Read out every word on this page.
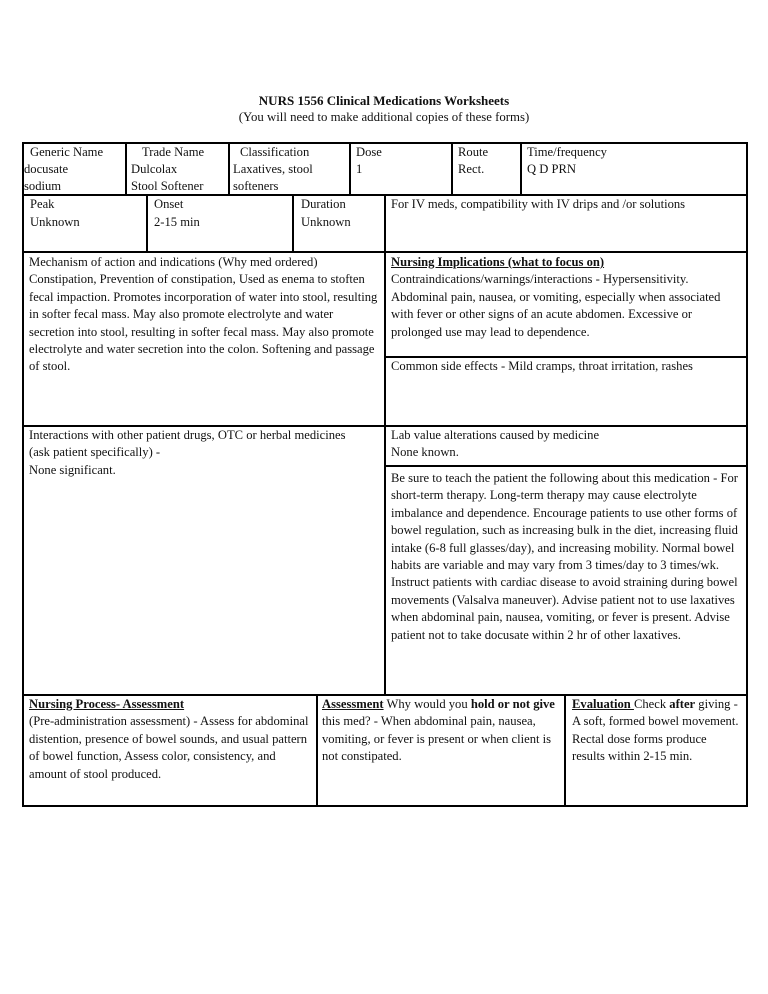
NURS 1556 Clinical Medications Worksheets
(You will need to make additional copies of these forms)
Generic Name
docusate
sodium
Trade Name
Dulcolax
Stool Softener
Classification
Laxatives, stool
softeners
Dose
1
Route
Rect.
Time/frequency
Q D PRN
Peak
Unknown
Onset
2-15 min
Duration
Unknown
For IV meds, compatibility with IV drips and /or solutions
Mechanism of action and indications (Why med ordered) Constipation, Prevention of constipation, Used as enema to stoften fecal impaction. Promotes incorporation of water into stool, resulting in softer fecal mass. May also promote electrolyte and water secretion into stool, resulting in softer fecal mass. May also promote electrolyte and water secretion into the colon. Softening and passage of stool.
Nursing Implications (what to focus on)
Contraindications/warnings/interactions - Hypersensitivity. Abdominal pain, nausea, or vomiting, especially when associated with fever or other signs of an acute abdomen. Excessive or prolonged use may lead to dependence.
Common side effects - Mild cramps, throat irritation, rashes
Interactions with other patient drugs, OTC or herbal medicines (ask patient specifically) -
None significant.
Lab value alterations caused by medicine
None known.
Be sure to teach the patient the following about this medication - For short-term therapy. Long-term therapy may cause electrolyte imbalance and dependence. Encourage patients to use other forms of bowel regulation, such as increasing bulk in the diet, increasing fluid intake (6-8 full glasses/day), and increasing mobility. Normal bowel habits are variable and may vary from 3 times/day to 3 times/wk. Instruct patients with cardiac disease to avoid straining during bowel movements (Valsalva maneuver). Advise patient not to use laxatives when abdominal pain, nausea, vomiting, or fever is present. Advise patient not to take docusate within 2 hr of other laxatives.
Nursing Process- Assessment
(Pre-administration assessment) - Assess for abdominal distention, presence of bowel sounds, and usual pattern of bowel function, Assess color, consistency, and amount of stool produced.
Assessment Why would you hold or not give this med? - When abdominal pain, nausea, vomiting, or fever is present or when client is not constipated.
Evaluation Check after giving - A soft, formed bowel movement. Rectal dose forms produce results within 2-15 min.
